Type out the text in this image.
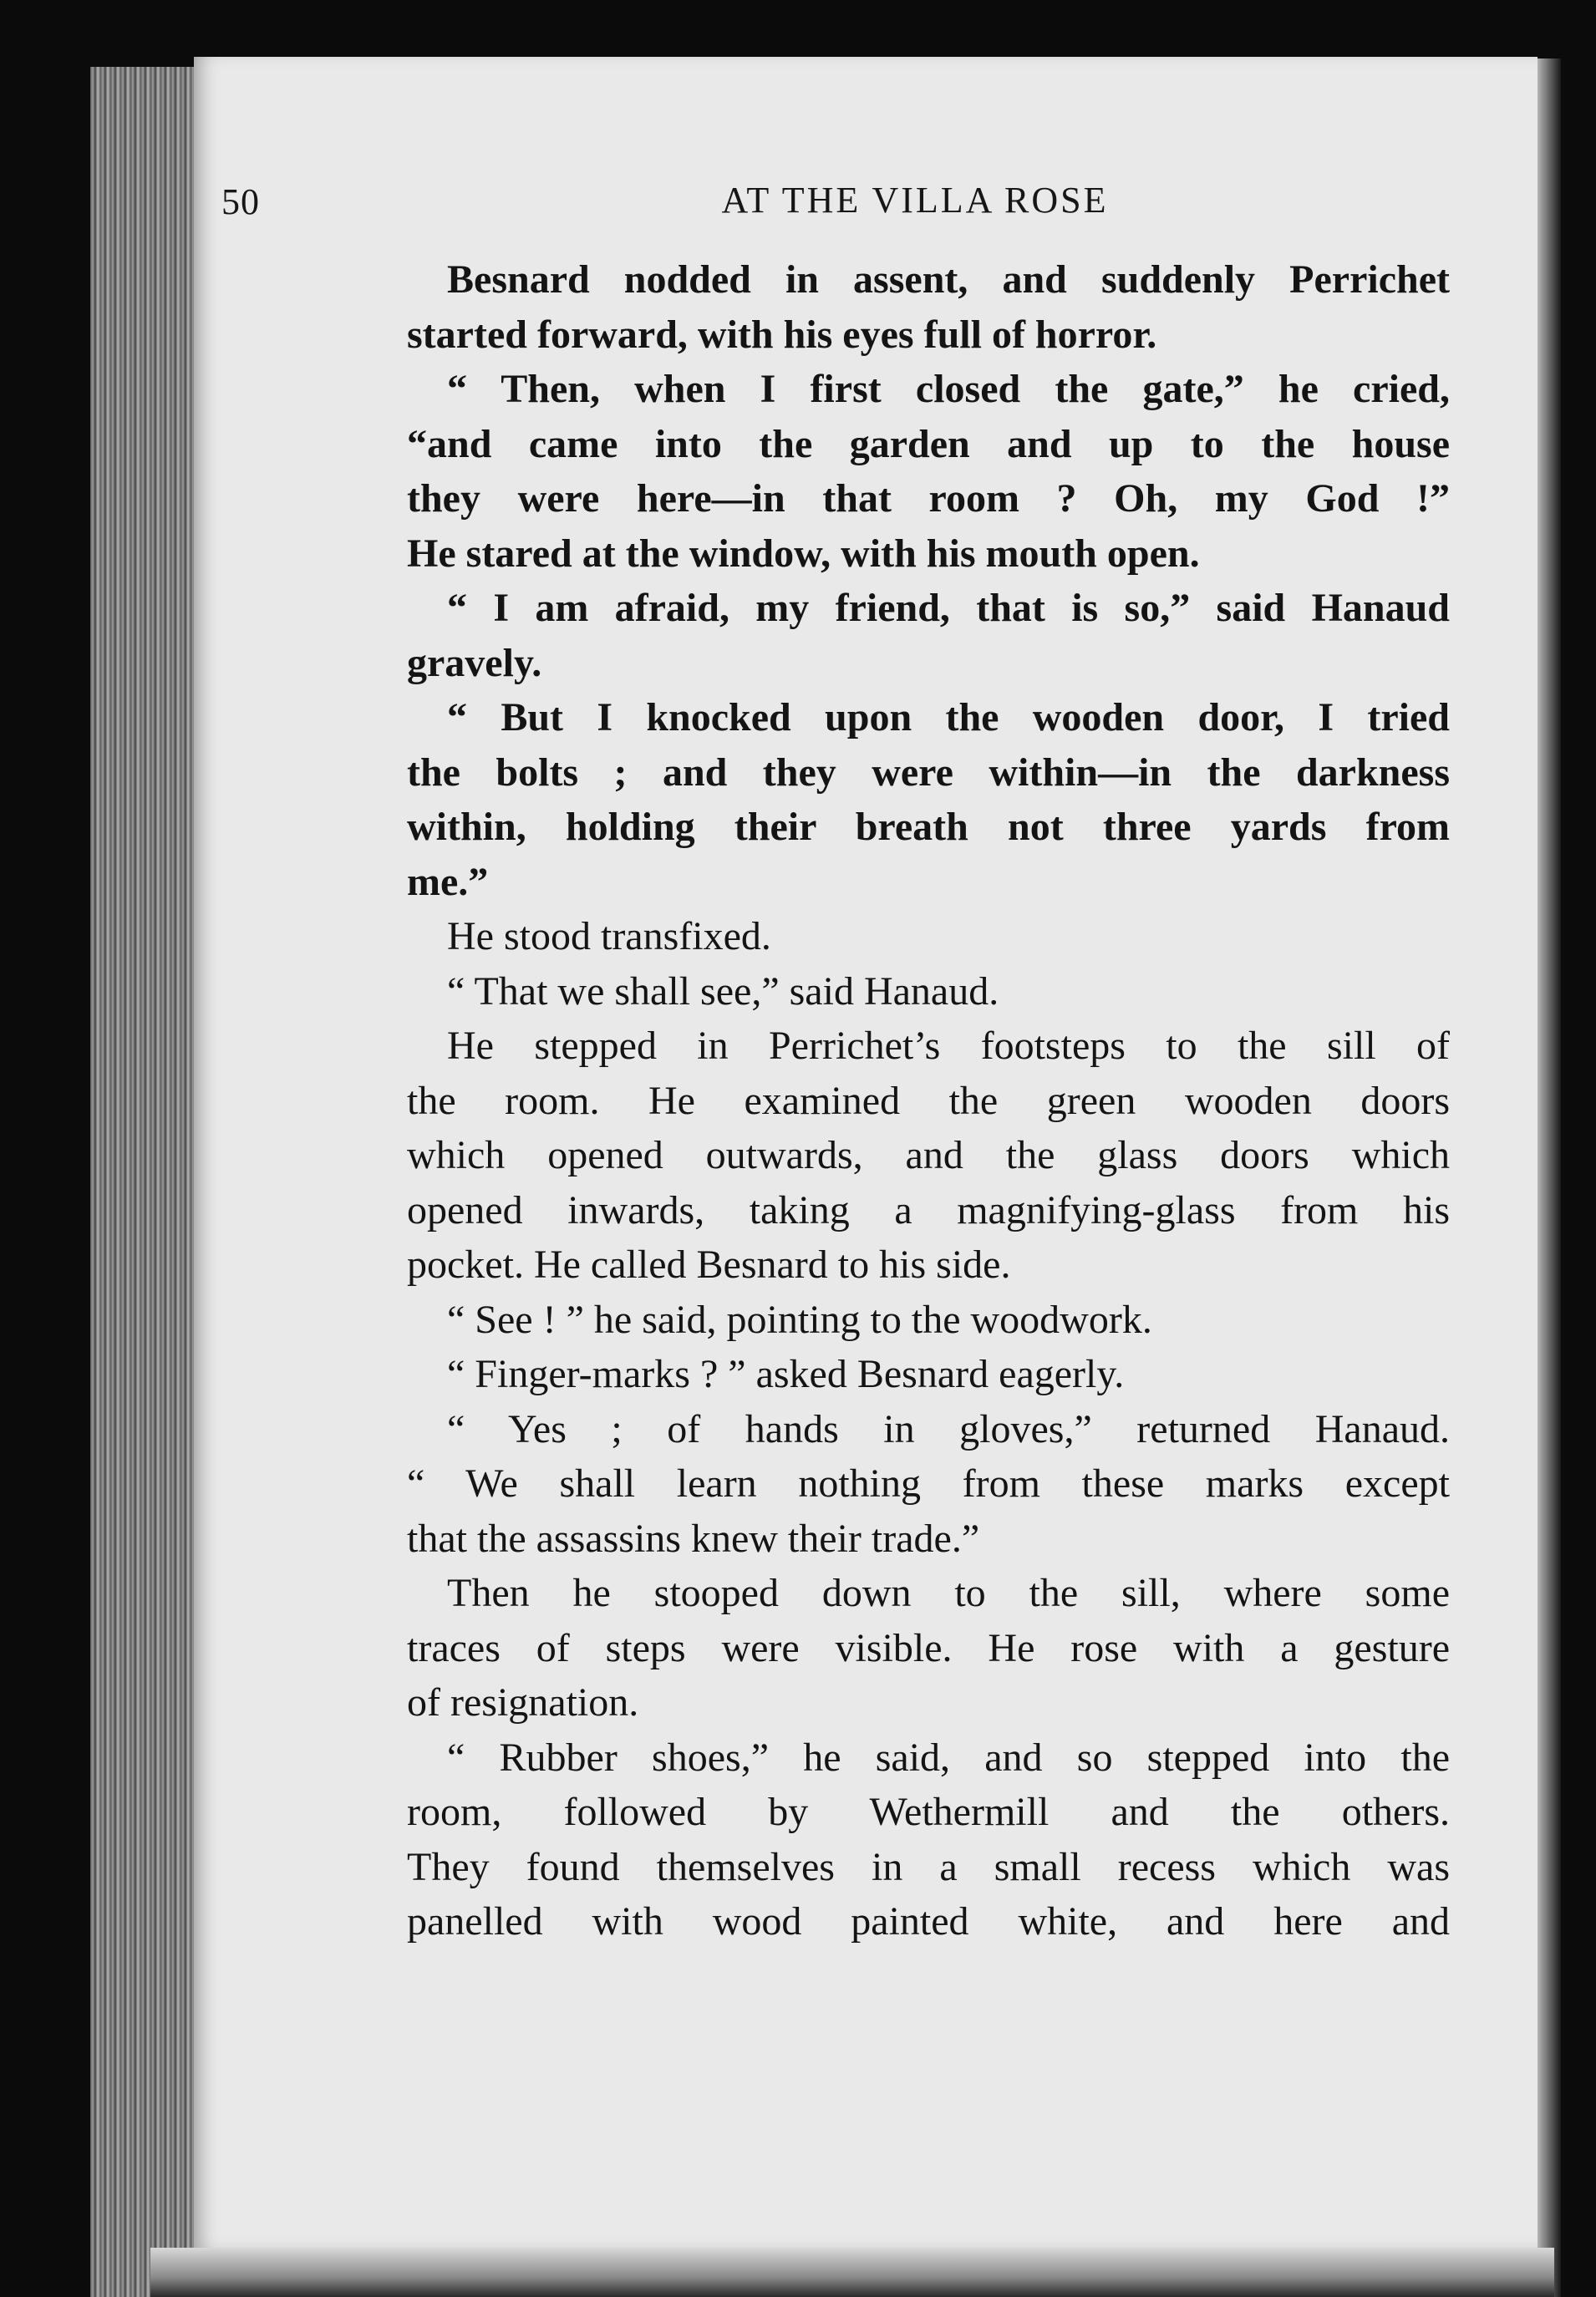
50	AT THE VILLA ROSE
Besnard nodded in assent, and suddenly Perrichet
started forward, with his eyes full of horror.
“ Then, when I first closed the gate,” he cried,
“and came into the garden and up to the house
they were here—in that room ? Oh, my God !”
He stared at the window, with his mouth open.
“ I am afraid, my friend, that is so,” said Hanaud
gravely.
“ But I knocked upon the wooden door, I tried
the bolts ; and they were within—in the darkness
within, holding their breath not three yards from
me.”
He stood transfixed.
“ That we shall see,” said Hanaud.
He stepped in Perrichet’s footsteps to the sill of
the room. He examined the green wooden doors
which opened outwards, and the glass doors which
opened inwards, taking a magnifying-glass from his
pocket. He called Besnard to his side.
“ See ! ” he said, pointing to the woodwork.
“ Finger-marks ? ” asked Besnard eagerly.
“ Yes ; of hands in gloves,” returned Hanaud.
“ We shall learn nothing from these marks except
that the assassins knew their trade.”
Then he stooped down to the sill, where some
traces of steps were visible. He rose with a gesture
of resignation.
“ Rubber shoes,” he said, and so stepped into the
room, followed by Wethermill and the others.
They found themselves in a small recess which was
panelled with wood painted white, and here and
